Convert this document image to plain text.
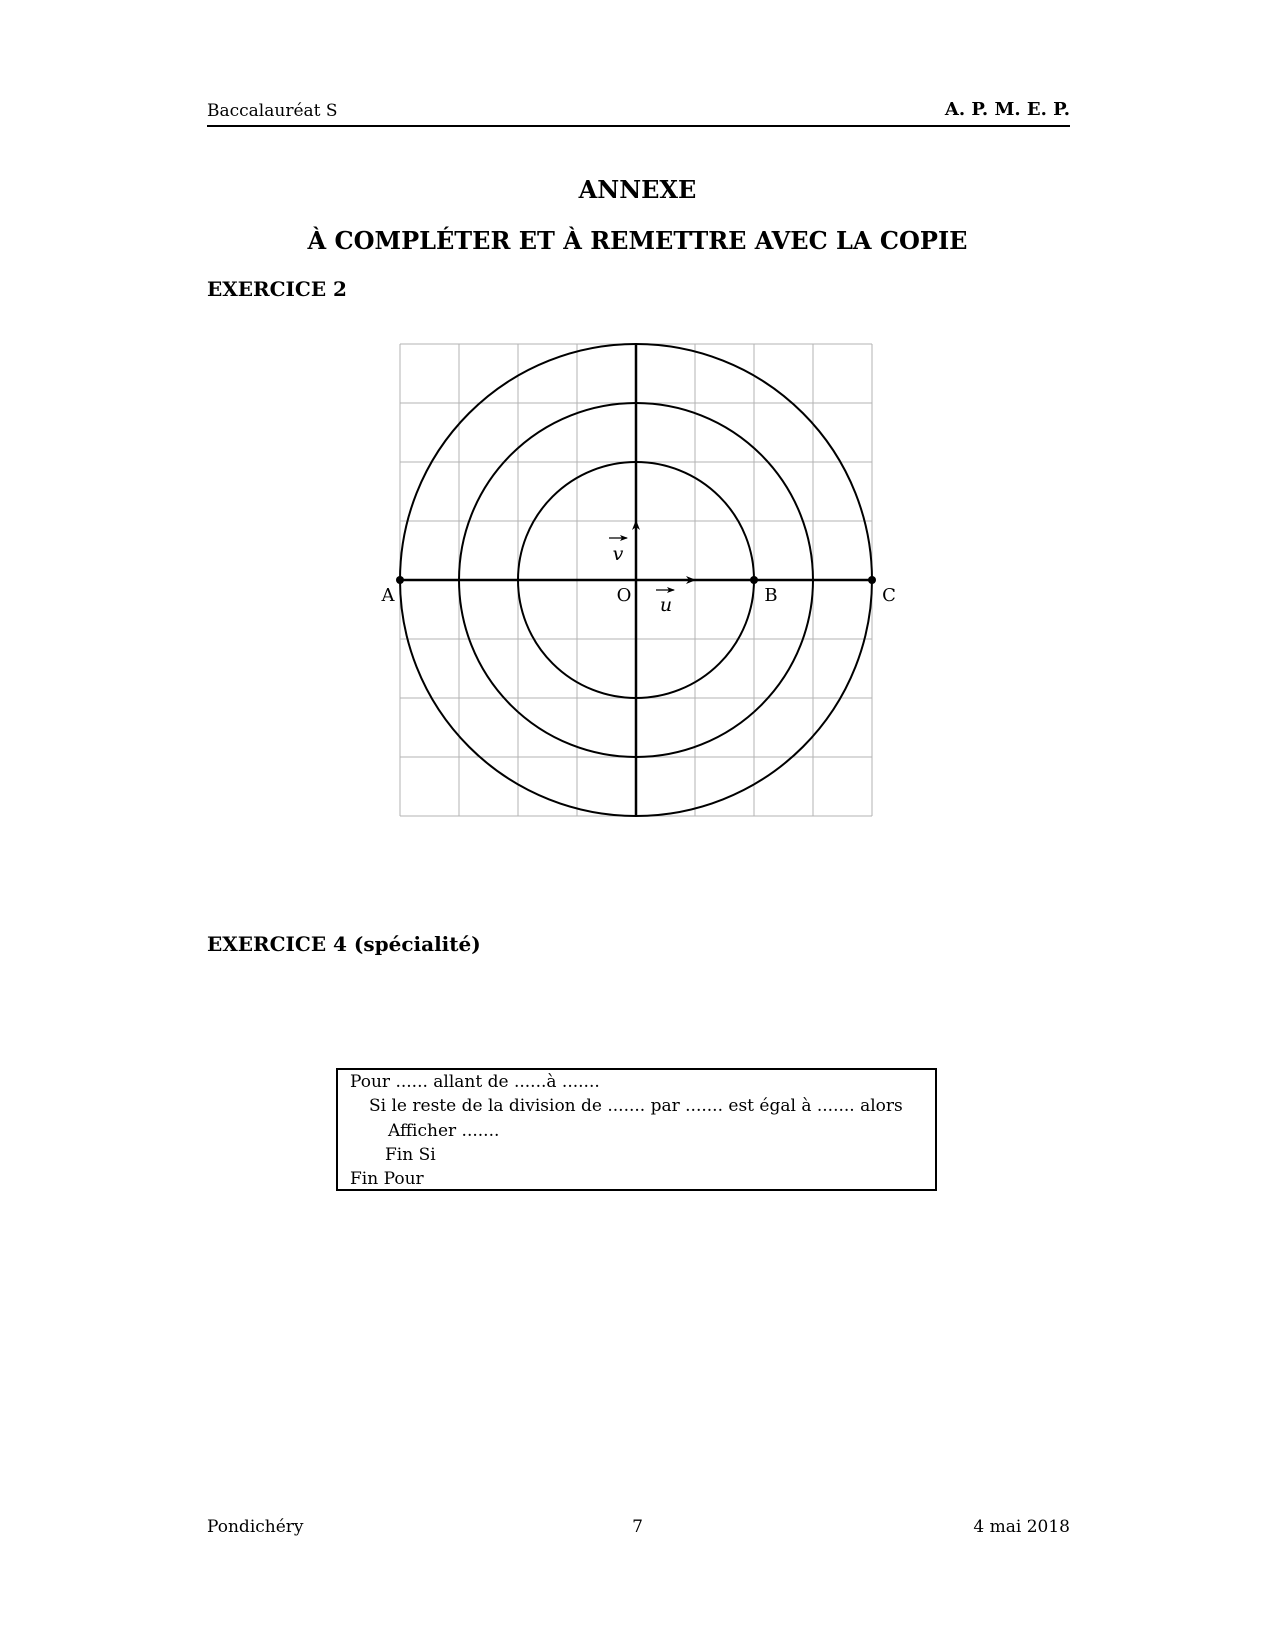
Baccalauréat S	A. P. M. E. P.
ANNEXE
À COMPLÉTER ET À REMETTRE AVEC LA COPIE
EXERCICE 2
u
v
A	O	B	C
EXERCICE 4 (spécialité)
Pour ...... allant de ......à .......
Si le reste de la division de ....... par ....... est égal à ....... alors
Afficher .......
Fin Si
Fin Pour
Pondichéry	7	4 mai 2018
